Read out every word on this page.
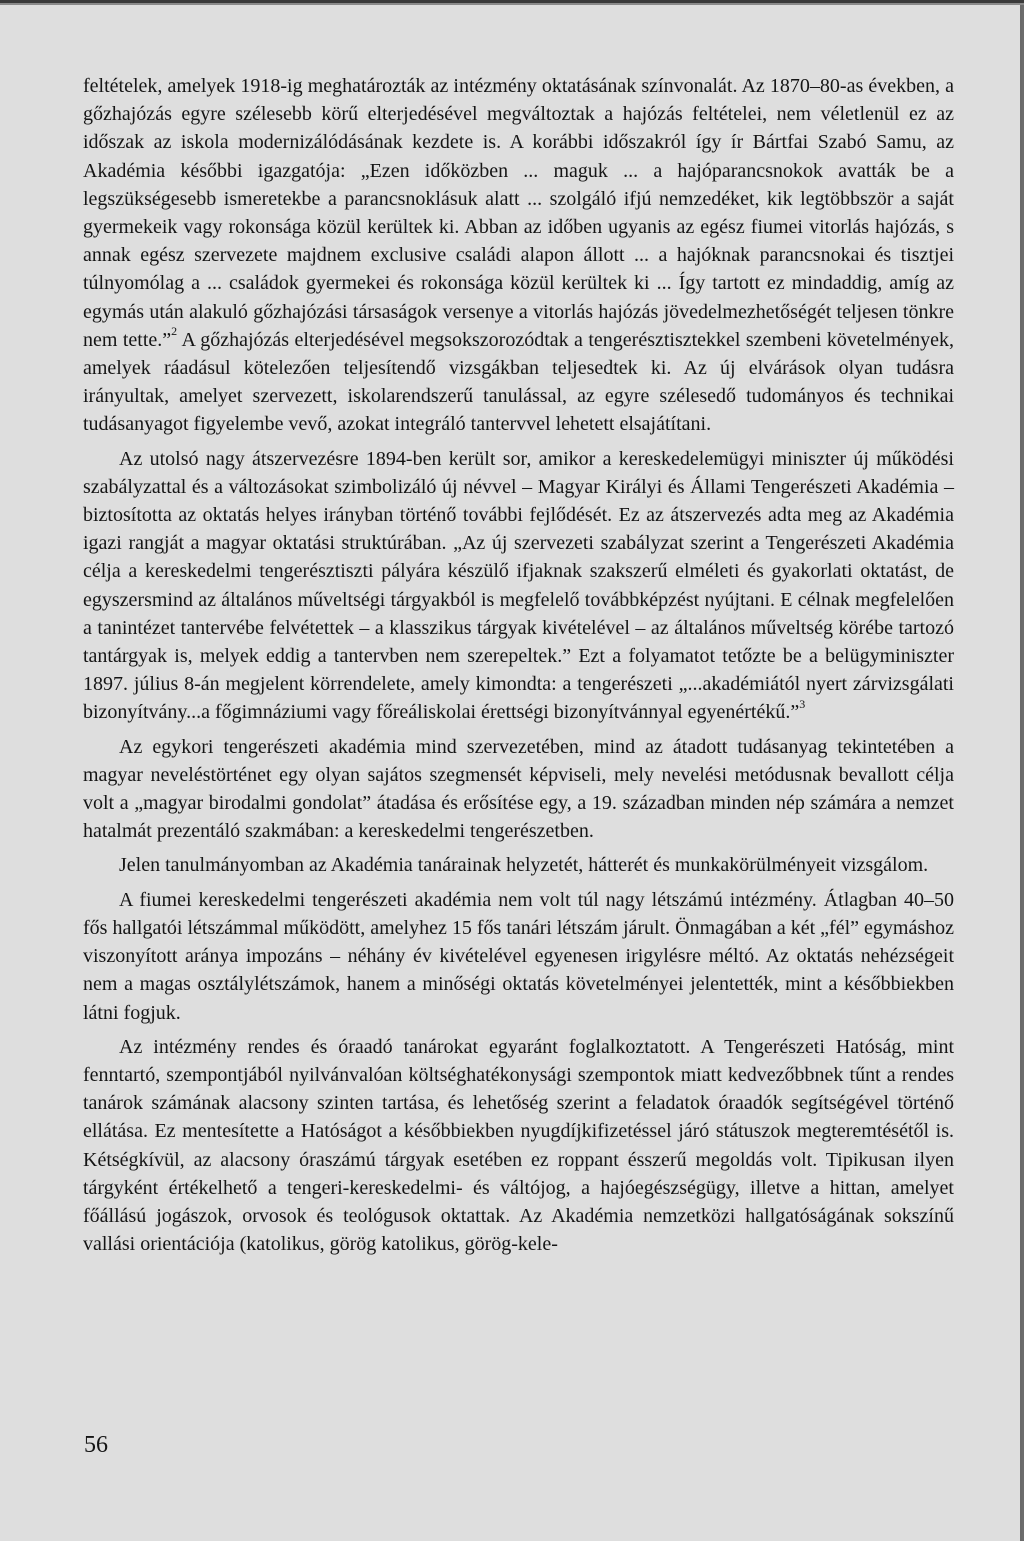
feltételek, amelyek 1918-ig meghatározták az intézmény oktatásának színvonalát. Az 1870–80-as években, a gőzhajózás egyre szélesebb körű elterjedésével megváltoztak a hajózás feltételei, nem véletlenül ez az időszak az iskola modernizálódásának kezdete is. A korábbi időszakról így ír Bártfai Szabó Samu, az Akadémia későbbi igazgatója: „Ezen időközben ... maguk ... a hajóparancsnokok avatták be a legszükségesebb ismeretekbe a parancsnoklásuk alatt ... szolgáló ifjú nemzedéket, kik legtöbbször a saját gyermekeik vagy rokonsága közül kerültek ki. Abban az időben ugyanis az egész fiumei vitorlás hajózás, s annak egész szervezete majdnem exclusive családi alapon állott ... a hajóknak parancsnokai és tisztjei túlnyomólag a ... családok gyermekei és rokonsága közül kerültek ki ... Így tartott ez mindaddig, amíg az egymás után alakuló gőzhajózási társaságok versenye a vitorlás hajózás jövedelmezhetőségét teljesen tönkre nem tette.”$^2$ A gőzhajózás elterjedésével megsokszorozódtak a tengerésztisztekkel szembeni követelmények, amelyek ráadásul kötelezően teljesítendő vizsgákban teljesedtek ki. Az új elvárások olyan tudásra irányultak, amelyet szervezett, iskolarendszerű tanulással, az egyre szélesedő tudományos és technikai tudásanyagot figyelembe vevő, azokat integráló tantervvel lehetett elsajátítani.

Az utolsó nagy átszervezésre 1894-ben került sor, amikor a kereskedelemügyi miniszter új működési szabályzattal és a változásokat szimbolizáló új névvel – Magyar Királyi és Állami Tengerészeti Akadémia – biztosította az oktatás helyes irányban történő további fejlődését. Ez az átszervezés adta meg az Akadémia igazi rangját a magyar oktatási struktúrában. „Az új szervezeti szabályzat szerint a Tengerészeti Akadémia célja a kereskedelmi tengerésztiszti pályára készülő ifjaknak szakszerű elméleti és gyakorlati oktatást, de egyszersmind az általános műveltségi tárgyakból is megfelelő továbbképzést nyújtani. E célnak megfelelően a tanintézet tantervébe felvétettek – a klasszikus tárgyak kivételével – az általános műveltség körébe tartozó tantárgyak is, melyek eddig a tantervben nem szerepeltek.” Ezt a folyamatot tetőzte be a belügyminiszter 1897. július 8-án megjelent körrendelete, amely kimondta: a tengerészeti „...akadémiától nyert zárvizsgálati bizonyítvány...a főgimnáziumi vagy főreáliskolai érettségi bizonyítvánnyal egyenértékű.”$^3$

Az egykori tengerészeti akadémia mind szervezetében, mind az átadott tudásanyag tekintetében a magyar neveléstörténet egy olyan sajátos szegmensét képviseli, mely nevelési metódusnak bevallott célja volt a „magyar birodalmi gondolat” átadása és erősítése egy, a 19. században minden nép számára a nemzet hatalmát prezentáló szakmában: a kereskedelmi tengerészetben.

Jelen tanulmányomban az Akadémia tanárainak helyzetét, hátterét és munkakörülményeit vizsgálom.

A fiumei kereskedelmi tengerészeti akadémia nem volt túl nagy létszámú intézmény. Átlagban 40–50 fős hallgatói létszámmal működött, amelyhez 15 fős tanári létszám járult. Önmagában a két „fél” egymáshoz viszonyított aránya impozáns – néhány év kivételével egyenesen irigylésre méltó. Az oktatás nehézségeit nem a magas osztálylétszámok, hanem a minőségi oktatás követelményei jelentették, mint a későbbiekben látni fogjuk.

Az intézmény rendes és óraadó tanárokat egyaránt foglalkoztatott. A Tengerészeti Hatóság, mint fenntartó, szempontjából nyilvánvalóan költséghatékonysági szempontok miatt kedvezőbbnek tűnt a rendes tanárok számának alacsony szinten tartása, és lehetőség szerint a feladatok óraadók segítségével történő ellátása. Ez mentesítette a Hatóságot a későbbiekben nyugdíjkifizetéssel járó státuszok megteremtésétől is. Kétségkívül, az alacsony óraszámú tárgyak esetében ez roppant ésszerű megoldás volt. Tipikusan ilyen tárgyként értékelhető a tengeri-kereskedelmi- és váltójog, a hajóegészségügy, illetve a hittan, amelyet főállású jogászok, orvosok és teológusok oktattak. Az Akadémia nemzetközi hallgatóságának sokszínű vallási orientációja (katolikus, görög katolikus, görög-kele-

56
